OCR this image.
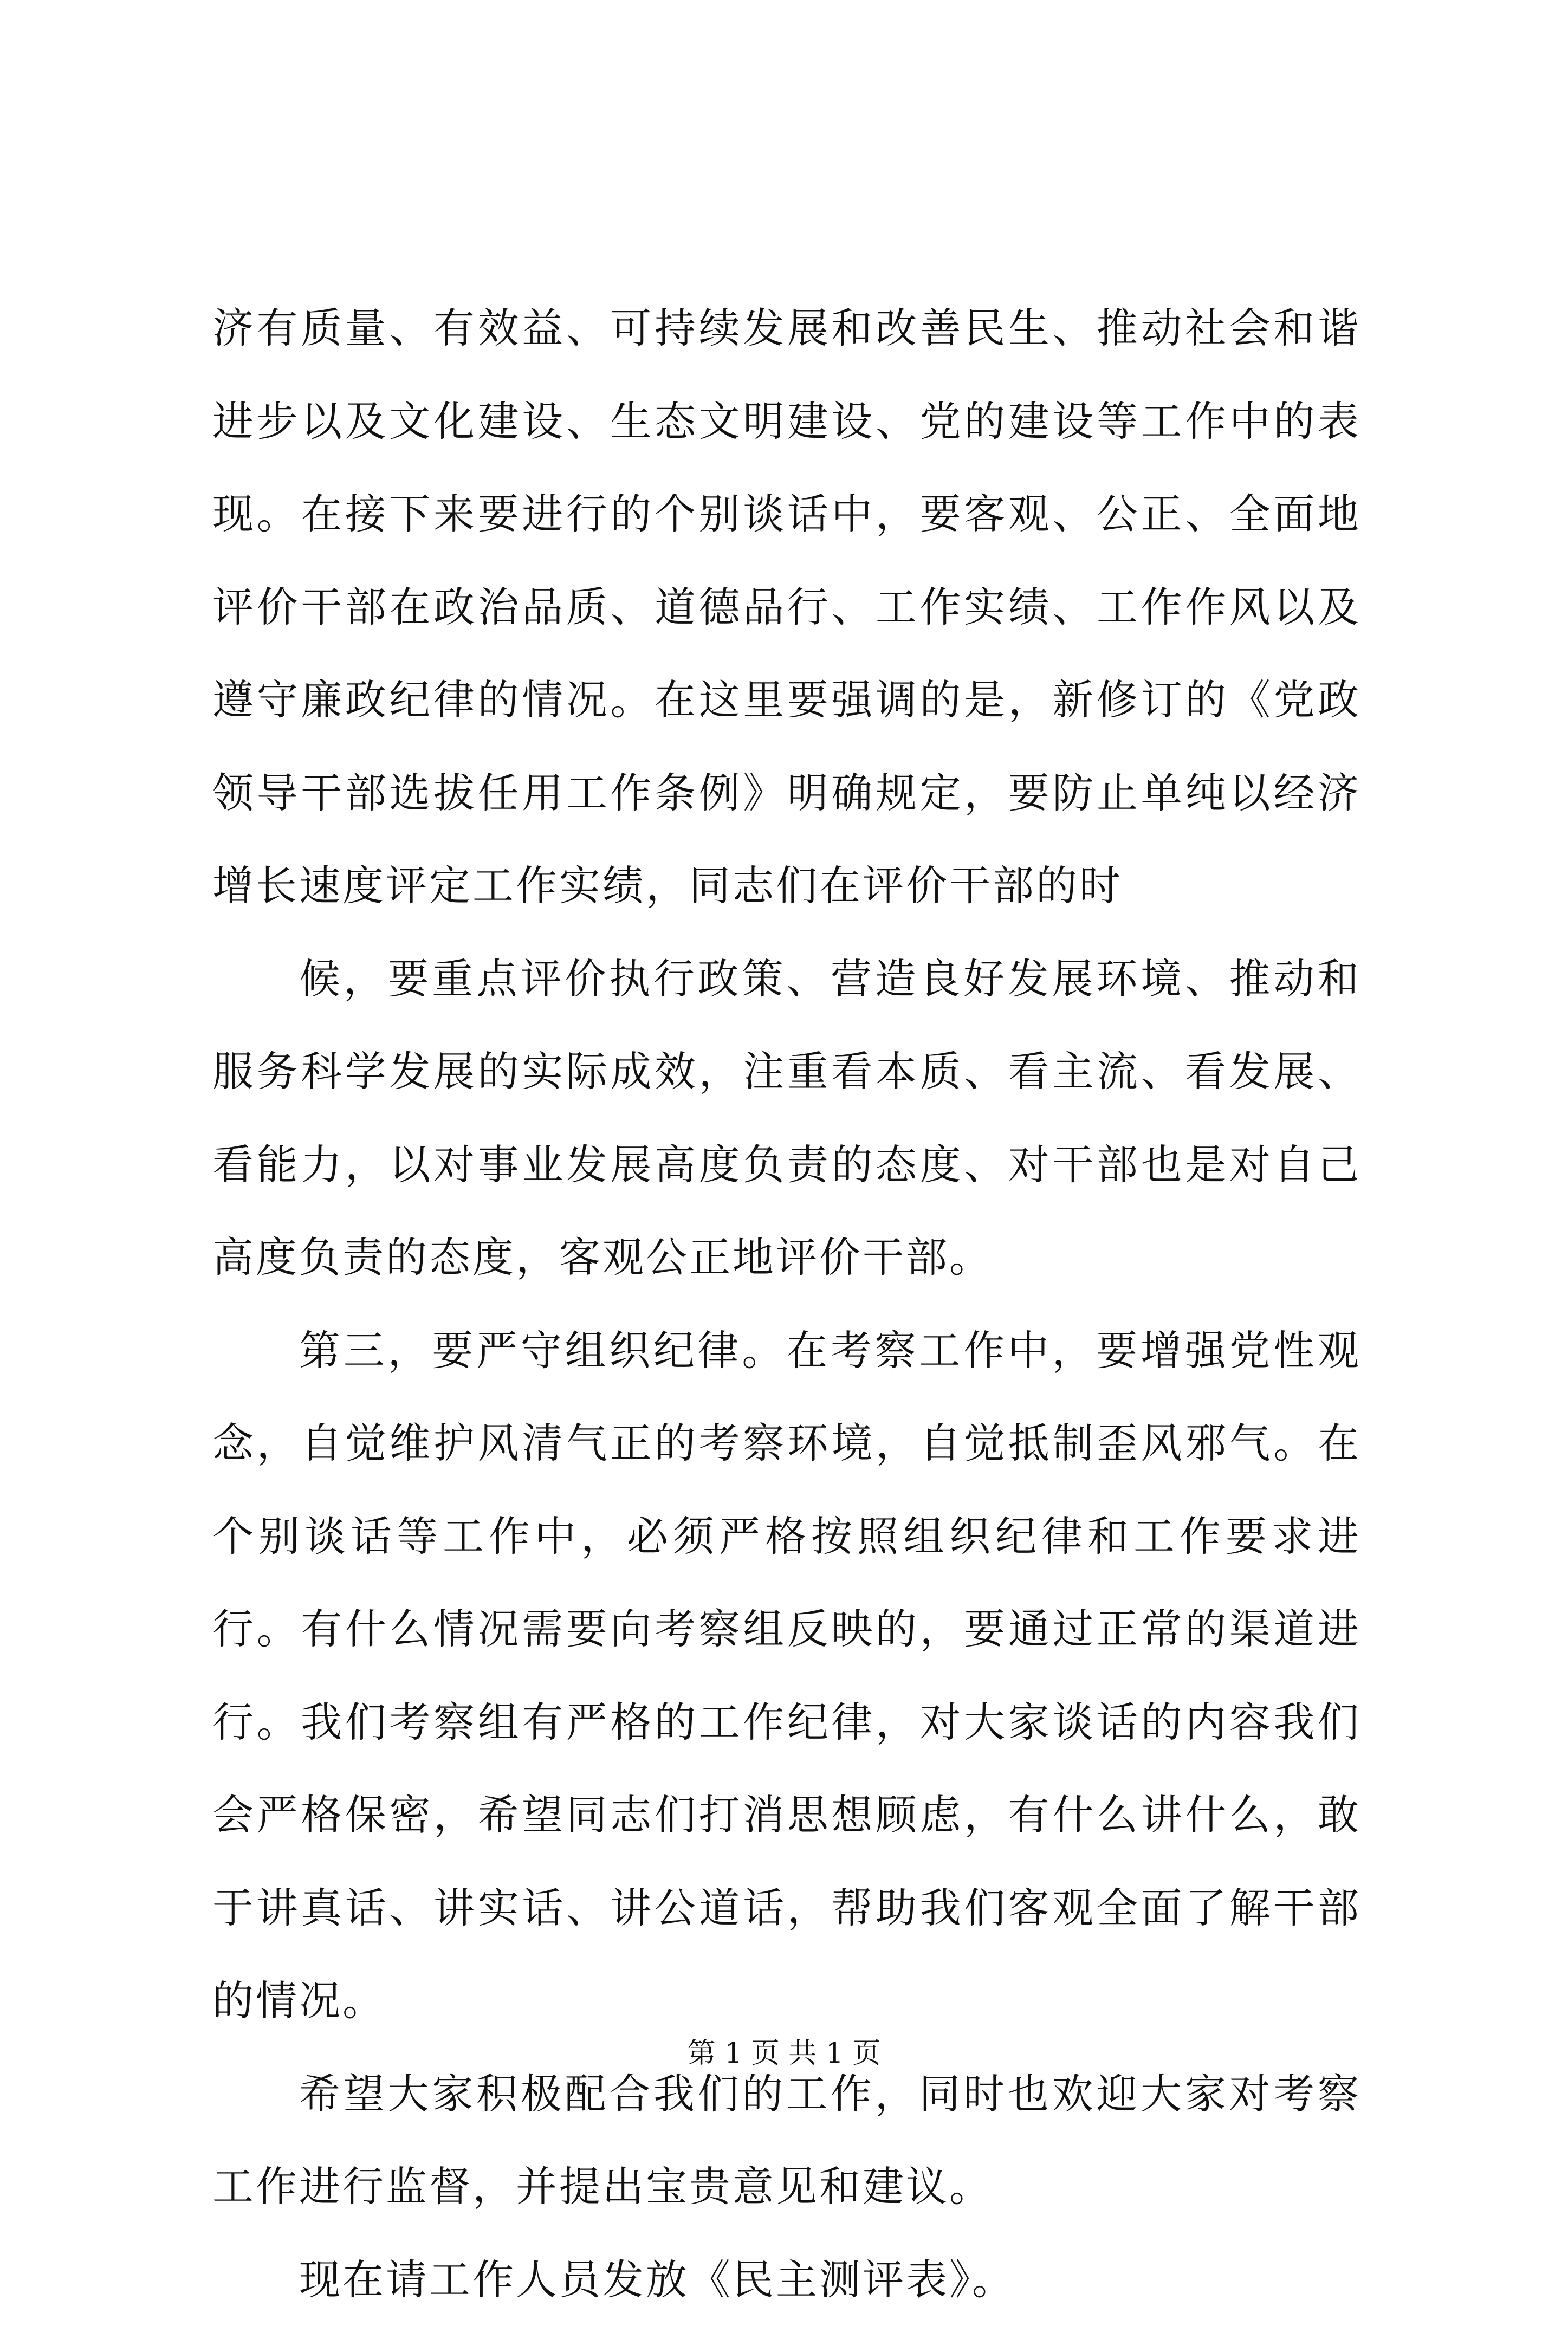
济有质量、有效益、可持续发展和改善民生、推动社会和谐进步以及文化建设、生态文明建设、党的建设等工作中的表现。在接下来要进行的个别谈话中，要客观、公正、全面地评价干部在政治品质、道德品行、工作实绩、工作作风以及遵守廉政纪律的情况。在这里要强调的是，新修订的《党政领导干部选拔任用工作条例》明确规定，要防止单纯以经济增长速度评定工作实绩，同志们在评价干部的时

候，要重点评价执行政策、营造良好发展环境、推动和服务科学发展的实际成效，注重看本质、看主流、看发展、看能力，以对事业发展高度负责的态度、对干部也是对自己高度负责的态度，客观公正地评价干部。

第三，要严守组织纪律。在考察工作中，要增强党性观念，自觉维护风清气正的考察环境，自觉抵制歪风邪气。在个别谈话等工作中，必须严格按照组织纪律和工作要求进行。有什么情况需要向考察组反映的，要通过正常的渠道进行。我们考察组有严格的工作纪律，对大家谈话的内容我们会严格保密，希望同志们打消思想顾虑，有什么讲什么，敢于讲真话、讲实话、讲公道话，帮助我们客观全面了解干部的情况。

希望大家积极配合我们的工作，同时也欢迎大家对考察工作进行监督，并提出宝贵意见和建议。

现在请工作人员发放《民主测评表》。

第 1 页 共 1 页
